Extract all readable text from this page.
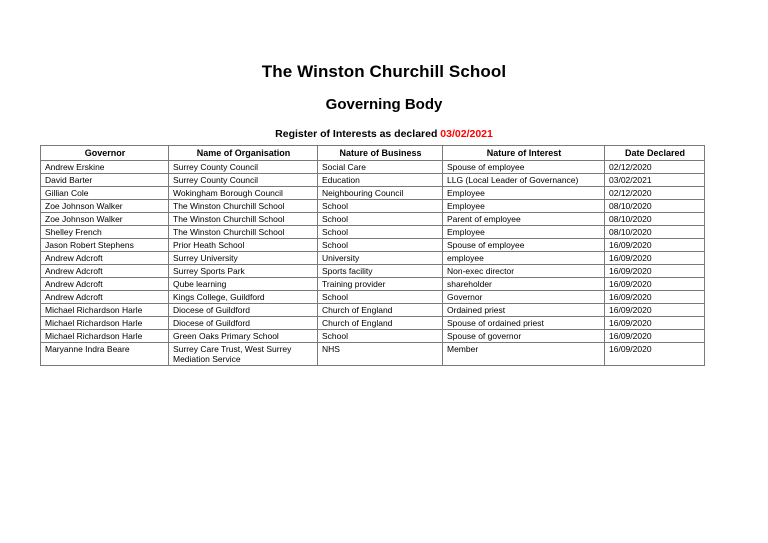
The Winston Churchill School
Governing Body

Register of Interests as declared 03/02/2021

Governor	Name of Organisation	Nature of Business	Nature of Interest	Date Declared
Andrew Erskine	Surrey County Council	Social Care	Spouse of employee	02/12/2020
David Barter	Surrey County Council	Education	LLG (Local Leader of Governance)	03/02/2021
Gillian Cole	Wokingham Borough Council	Neighbouring Council	Employee	02/12/2020
Zoe Johnson Walker	The Winston Churchill School	School	Employee	08/10/2020
Zoe Johnson Walker	The Winston Churchill School	School	Parent of employee	08/10/2020
Shelley French	The Winston Churchill School	School	Employee	08/10/2020
Jason Robert Stephens	Prior Heath School	School	Spouse of employee	16/09/2020
Andrew Adcroft	Surrey University	University	employee	16/09/2020
Andrew Adcroft	Surrey Sports Park	Sports facility	Non-exec director	16/09/2020
Andrew Adcroft	Qube learning	Training provider	shareholder	16/09/2020
Andrew Adcroft	Kings College, Guildford	School	Governor	16/09/2020
Michael Richardson Harle	Diocese of Guildford	Church of England	Ordained priest	16/09/2020
Michael Richardson Harle	Diocese of Guildford	Church of England	Spouse of ordained priest	16/09/2020
Michael Richardson Harle	Green Oaks Primary School	School	Spouse of governor	16/09/2020
Maryanne Indra Beare	Surrey Care Trust, West Surrey Mediation Service	NHS	Member	16/09/2020
